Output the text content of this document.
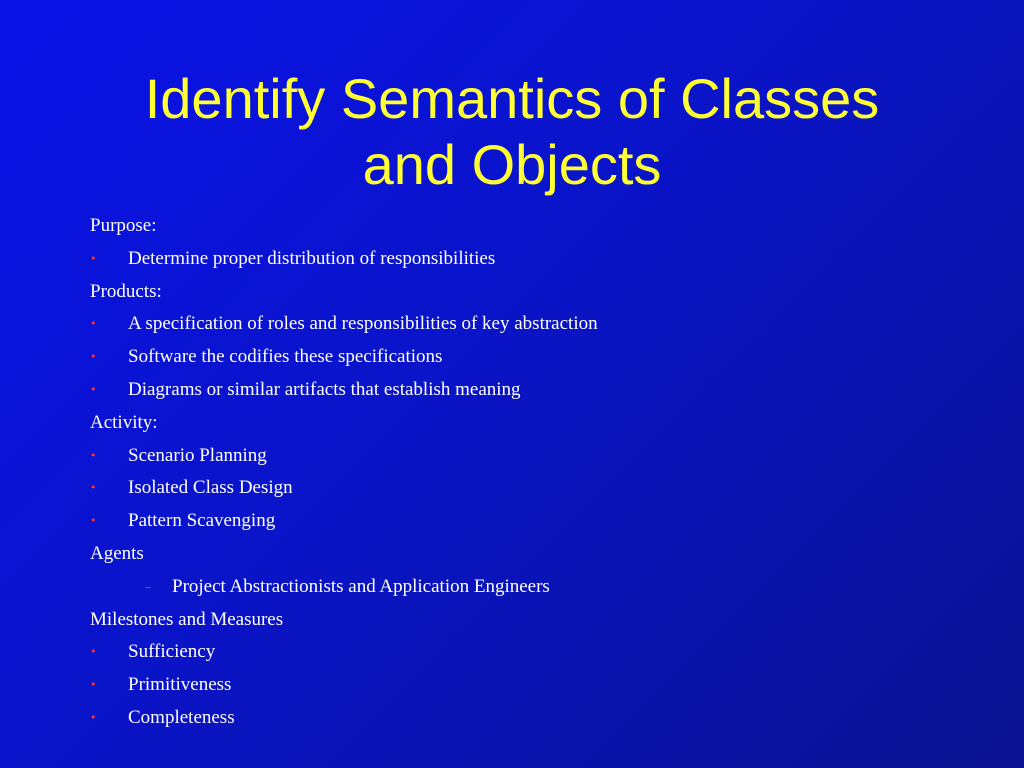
Identify Semantics of Classes
and Objects
Purpose:
• Determine proper distribution of responsibilities
Products:
• A specification of roles and responsibilities of key abstraction
• Software the codifies these specifications
• Diagrams or similar artifacts that establish meaning
Activity:
• Scenario Planning
• Isolated Class Design
• Pattern Scavenging
Agents
– Project Abstractionists and Application Engineers
Milestones and Measures
• Sufficiency
• Primitiveness
• Completeness
